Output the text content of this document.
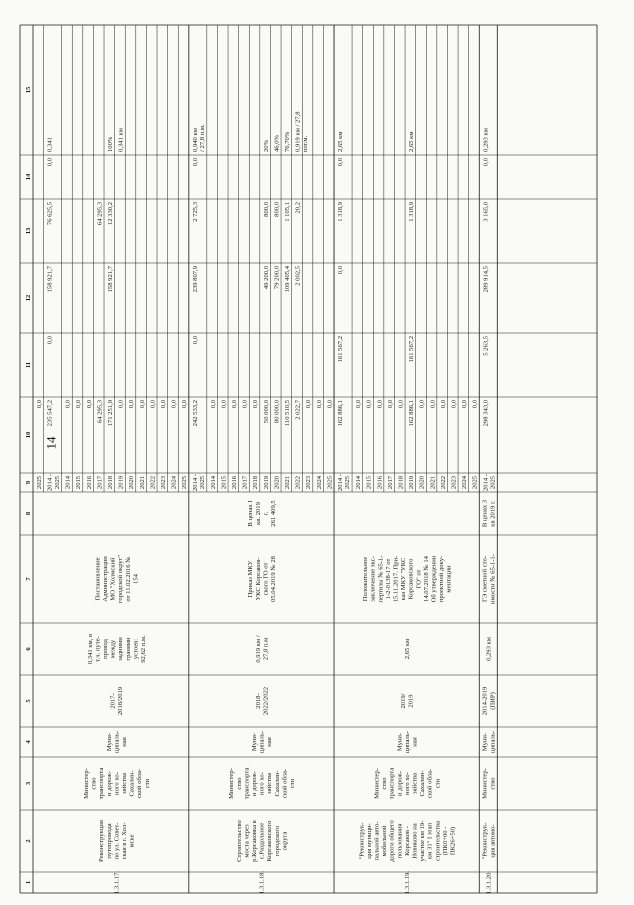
14
1
2
3
4
5
6
7
8
9
10
11
12
13
14
15
2025
0,0
2014 - 2025
235 547,2
0,0
158 921,7
76 625,5
0,0
0,341
2014
0,0
2015
0,0
2016
0,0
2017
64 295,3
64 295,3
2018
171 251,9
158 921,7
12 330,2
100%
2019
0,0
0,341 км
2020
0,0
2021
0,0
2022
0,0
2023
0,0
2024
0,0
2025
0,0
1.3.1.17.
Реконструкция путепровода по ул. Совет- ская в г. Хол- мске
Министер- ство транспорта и дорож- ного хо- зяйства Сахалин- ской обла- сти
Муни- ципаль- ная
2017- 2018/2019
0,341 км, в т.ч. путе- провод между задними гранями устоев: 92,62 п.м.
Постановление Администрации МО "Холмский городской округ" от 11.02.2016 № 154
2014 - 2025
242 533,2
0,0
239 807,9
2 725,3
0,0
0,940 км / 27,8 п.м.
2014
0,0
2015
0,0
2016
0,0
2017
0,0
2018
0,0
2019
50 000,0
49 200,0
800,0
20%
2020
80 000,0
79 200,0
800,0
46,0%
2021
110 510,5
109 405,4
1 105,1
76,70%
2022
2 022,7
2 002,5
20,2
0,919 км / 27,8 пог.м.
2023
0,0
2024
0,0
2025
0,0
1.3.1.18.
Строительство моста через р.Корсаковка в с.Раздольное Корсаковского городского округа
Министер- ство транспорта и дорож- ного хо- зяйства Сахалин- ской обла- сти
Муни- ципаль- ная
2018- 2022/2022
0,919 км / 27,8 п.м
Приказ МКУ УКС Корсаков- ского ГО от 05.04.2019 № 28
В ценах I кв. 2019 г. 261 409,5
2014 - 2025
162 886,1
161 567,2
0,0
1 318,9
0,0
2,65 км
2014
0,0
2015
0,0
2016
0,0
2017
0,0
2018
0,0
2019
162 886,1
161 567,2
1 318,9
2,65 км
2020
0,0
2021
0,0
2022
0,0
2023
0,0
2024
0,0
2025
0,0
1.3.1.19.
"Реконструк- ция муници- пальной авто- мобильной дороги общего пользования Корсаков - Новиково на участке км 19- км 31" I этап строительства (ПК0+00 - ПК26+50)
Министер- ство транспорта и дорож- ного хо- зяйства Сахалин- ской обла- сти
Муни- ципаль- ная
2019/ 2019
2,65 км
Положительное заключение экс- пертизы № 65-1- 1-2-0138-17 от 15.11.2017. При- каз МКУ "УКС Корсаковского ГО" от 14.07.2018 № 14 Об утверждении проектной доку- ментации
2014 - 2025
298 343,0
5 263,5
289 914,5
3 165,0
0,0
0,293 км
1.3.1.20.
"Реконструк- ция автомо-
Министер- ство
Муни- ципаль-
2014-2019 (ПИР)
0,293 км
ГЭ сметной сто- имости № 65-1-1-
В ценах 3 кв 2019 г.
